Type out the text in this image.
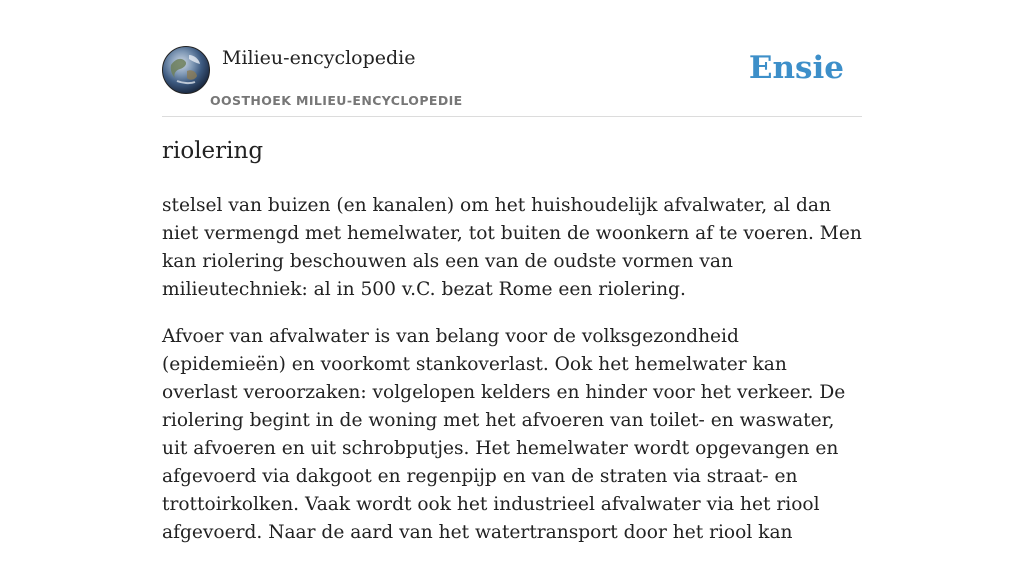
Milieu-encyclopedie
OOSTHOEK MILIEU-ENCYCLOPEDIE
Ensie
riolering

stelsel van buizen (en kanalen) om het huishoudelijk afvalwater, al dan niet vermengd met hemelwater, tot buiten de woonkern af te voeren. Men kan riolering beschouwen als een van de oudste vormen van milieutechniek: al in 500 v.C. bezat Rome een riolering.

Afvoer van afvalwater is van belang voor de volksgezondheid (epidemieën) en voorkomt stankoverlast. Ook het hemelwater kan overlast veroorzaken: volgelopen kelders en hinder voor het verkeer. De riolering begint in de woning met het afvoeren van toilet- en waswater, uit afvoeren en uit schrobputjes. Het hemelwater wordt opgevangen en afgevoerd via dakgoot en regenpijp en van de straten via straat- en trottoirkolken. Vaak wordt ook het industrieel afvalwater via het riool afgevoerd. Naar de aard van het watertransport door het riool kan
